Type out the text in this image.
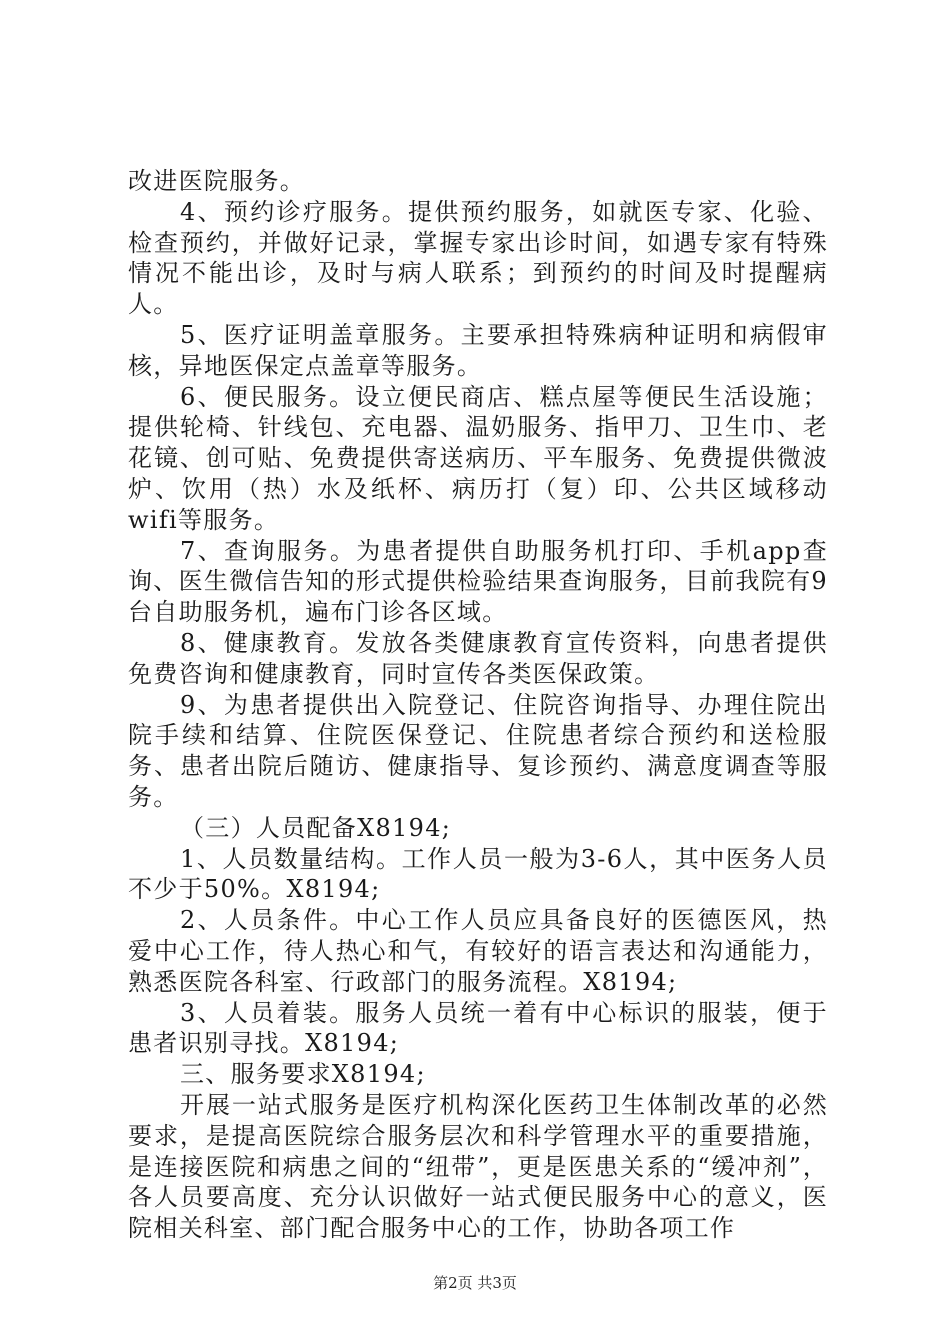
改进医院服务。

4、预约诊疗服务。提供预约服务，如就医专家、化验、检查预约，并做好记录，掌握专家出诊时间，如遇专家有特殊情况不能出诊，及时与病人联系；到预约的时间及时提醒病人。

5、医疗证明盖章服务。主要承担特殊病种证明和病假审核，异地医保定点盖章等服务。

6、便民服务。设立便民商店、糕点屋等便民生活设施；提供轮椅、针线包、充电器、温奶服务、指甲刀、卫生巾、老花镜、创可贴、免费提供寄送病历、平车服务、免费提供微波炉、饮用（热）水及纸杯、病历打（复）印、公共区域移动wifi等服务。

7、查询服务。为患者提供自助服务机打印、手机app查询、医生微信告知的形式提供检验结果查询服务，目前我院有9台自助服务机，遍布门诊各区域。

8、健康教育。发放各类健康教育宣传资料，向患者提供免费咨询和健康教育，同时宣传各类医保政策。

9、为患者提供出入院登记、住院咨询指导、办理住院出院手续和结算、住院医保登记、住院患者综合预约和送检服务、患者出院后随访、健康指导、复诊预约、满意度调查等服务。

（三）人员配备X8194;

1、人员数量结构。工作人员一般为3-6人，其中医务人员不少于50%。X8194;

2、人员条件。中心工作人员应具备良好的医德医风，热爱中心工作，待人热心和气，有较好的语言表达和沟通能力，熟悉医院各科室、行政部门的服务流程。X8194;

3、人员着装。服务人员统一着有中心标识的服装，便于患者识别寻找。X8194;

三、服务要求X8194;

开展一站式服务是医疗机构深化医药卫生体制改革的必然要求，是提高医院综合服务层次和科学管理水平的重要措施，是连接医院和病患之间的“纽带”，更是医患关系的“缓冲剂”，各人员要高度、充分认识做好一站式便民服务中心的意义，医院相关科室、部门配合服务中心的工作，协助各项工作

第2页 共3页
